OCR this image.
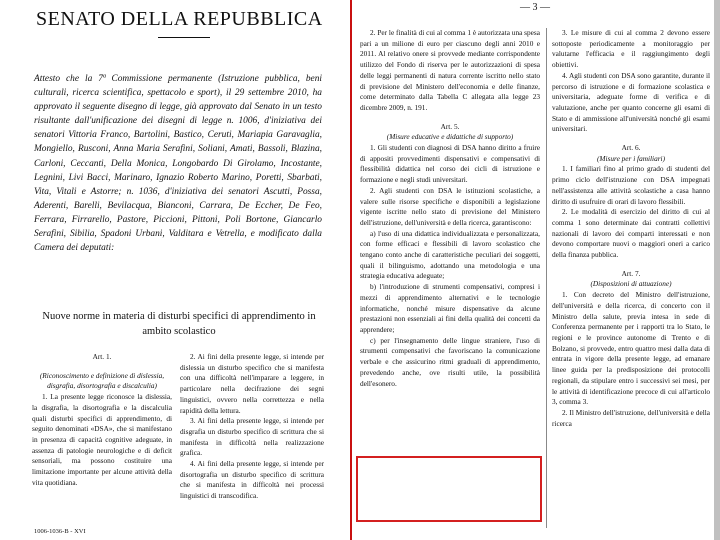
SENATO DELLA REPUBBLICA
Attesto che la 7ª Commissione permanente (Istruzione pubblica, beni culturali, ricerca scientifica, spettacolo e sport), il 29 settembre 2010, ha approvato il seguente disegno di legge, già approvato dal Senato in un testo risultante dall'unificazione dei disegni di legge n. 1006, d'iniziativa dei senatori Vittoria Franco, Bartolini, Bastico, Ceruti, Mariapia Garavaglia, Mongiello, Rusconi, Anna Maria Serafini, Soliani, Amati, Bassoli, Blazina, Carloni, Ceccanti, Della Monica, Longobardo Di Girolamo, Incostante, Legnini, Livi Bacci, Marinaro, Ignazio Roberto Marino, Poretti, Sbarbati, Vita, Vitali e Astorre; n. 1036, d'iniziativa dei senatori Ascutti, Possa, Aderenti, Barelli, Bevilacqua, Bianconi, Carrara, De Eccher, De Feo, Ferrara, Firrarello, Pastore, Piccioni, Pittoni, Poli Bortone, Giancarlo Serafini, Sibilia, Spadoni Urbani, Valditara e Vetrella, e modificato dalla Camera dei deputati:
Nuove norme in materia di disturbi specifici di apprendimento in ambito scolastico

Art. 1.

(Riconoscimento e definizione di dislessia, disgrafia, disortografia e discalculia)

1. La presente legge riconosce la dislessia, la disgrafia, la disortografia e la discalculia quali disturbi specifici di apprendimento, di seguito denominati «DSA», che si manifestano in presenza di capacità cognitive adeguate, in assenza di patologie neurologiche e di deficit sensoriali, ma possono costituire una limitazione importante per alcune attività della vita quotidiana.

2. Ai fini della presente legge, si intende per dislessia un disturbo specifico che si manifesta con una difficoltà nell'imparare a leggere, in particolare nella decifrazione dei segni linguistici, ovvero nella correttezza e nella rapidità della lettura.

3. Ai fini della presente legge, si intende per disgrafia un disturbo specifico di scrittura che si manifesta in difficoltà nella realizzazione grafica.

4. Ai fini della presente legge, si intende per disortografia un disturbo specifico di scrittura che si manifesta in difficoltà nei processi linguistici di transcodifica.

1006-1036-B - XVI
— 3 —

2. Per le finalità di cui al comma 1 è autorizzata una spesa pari a un milione di euro per ciascuno degli anni 2010 e 2011. Al relativo onere si provvede mediante corrispondente utilizzo del Fondo di riserva per le autorizzazioni di spesa delle leggi permanenti di natura corrente iscritto nello stato di previsione del Ministero dell'economia e delle finanze, come determinato dalla Tabella C allegata alla legge 23 dicembre 2009, n. 191.

Art. 5.

(Misure educative e didattiche di supporto)

1. Gli studenti con diagnosi di DSA hanno diritto a fruire di appositi provvedimenti dispensativi e compensativi di flessibilità didattica nel corso dei cicli di istruzione e formazione e negli studi universitari.

2. Agli studenti con DSA le istituzioni scolastiche, a valere sulle risorse specifiche e disponibili a legislazione vigente iscritte nello stato di previsione del Ministero dell'istruzione, dell'università e della ricerca, garantiscono:

a) l'uso di una didattica individualizzata e personalizzata, con forme efficaci e flessibili di lavoro scolastico che tengano conto anche di caratteristiche peculiari dei soggetti, quali il bilinguismo, adottando una metodologia e una strategia educativa adeguate;

b) l'introduzione di strumenti compensativi, compresi i mezzi di apprendimento alternativi e le tecnologie informatiche, nonché misure dispensative da alcune prestazioni non essenziali ai fini della qualità dei concetti da apprendere;

c) per l'insegnamento delle lingue straniere, l'uso di strumenti compensativi che favoriscano la comunicazione verbale e che assicurino ritmi graduali di apprendimento, prevedendo anche, ove risulti utile, la possibilità dell'esonero.

3. Le misure di cui al comma 2 devono essere sottoposte periodicamente a monitoraggio per valutarne l'efficacia e il raggiungimento degli obiettivi.

4. Agli studenti con DSA sono garantite, durante il percorso di istruzione e di formazione scolastica e universitaria, adeguate forme di verifica e di valutazione, anche per quanto concerne gli esami di Stato e di ammissione all'università nonché gli esami universitari.

Art. 6.

(Misure per i familiari)

1. I familiari fino al primo grado di studenti del primo ciclo dell'istruzione con DSA impegnati nell'assistenza alle attività scolastiche a casa hanno diritto di usufruire di orari di lavoro flessibili.

2. Le modalità di esercizio del diritto di cui al comma 1 sono determinate dai contratti collettivi nazionali di lavoro dei comparti interessati e non devono comportare nuovi o maggiori oneri a carico della finanza pubblica.

Art. 7.

(Disposizioni di attuazione)

1. Con decreto del Ministro dell'istruzione, dell'università e della ricerca, di concerto con il Ministro della salute, previa intesa in sede di Conferenza permanente per i rapporti tra lo Stato, le regioni e le province autonome di Trento e di Bolzano, si provvede, entro quattro mesi dalla data di entrata in vigore della presente legge, ad emanare linee guida per la predisposizione dei protocolli regionali, da stipulare entro i successivi sei mesi, per le attività di identificazione precoce di cui all'articolo 3, comma 3.

2. Il Ministro dell'istruzione, dell'università e della ricerca
